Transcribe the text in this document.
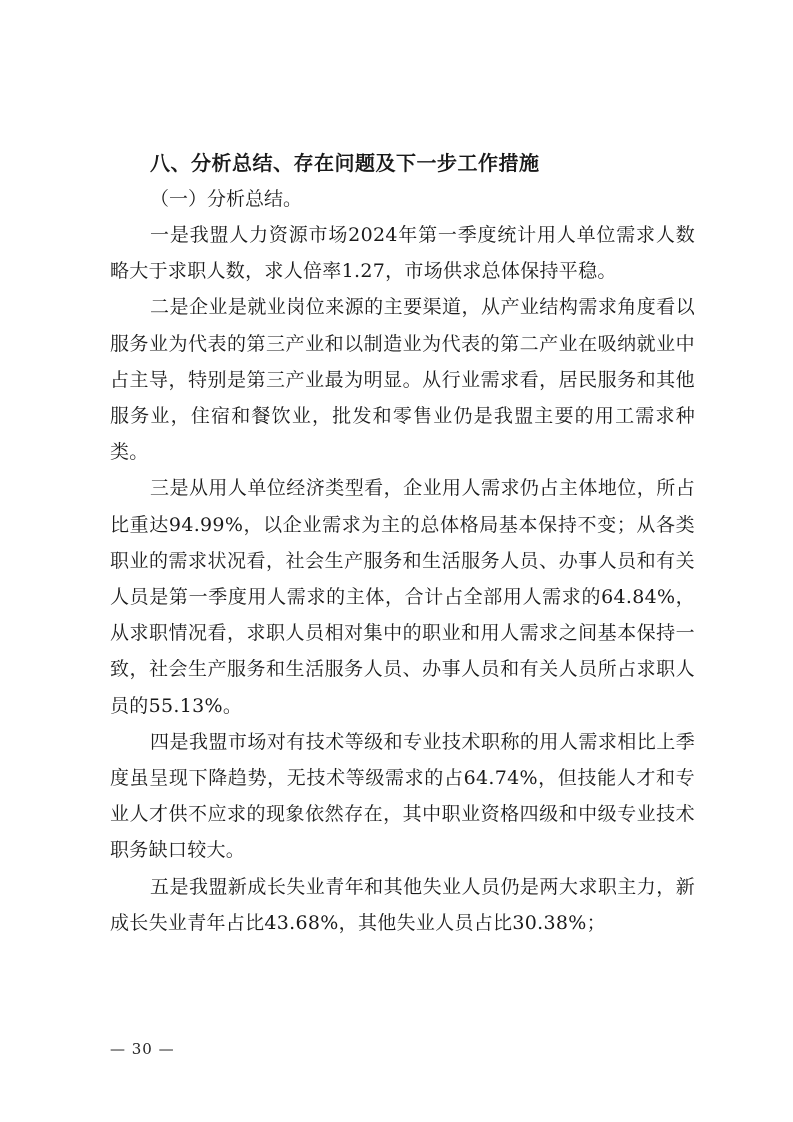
八、分析总结、存在问题及下一步工作措施
（一）分析总结。

一是我盟人力资源市场2024年第一季度统计用人单位需求人数略大于求职人数，求人倍率1.27，市场供求总体保持平稳。

二是企业是就业岗位来源的主要渠道，从产业结构需求角度看以服务业为代表的第三产业和以制造业为代表的第二产业在吸纳就业中占主导，特别是第三产业最为明显。从行业需求看，居民服务和其他服务业，住宿和餐饮业，批发和零售业仍是我盟主要的用工需求种类。

三是从用人单位经济类型看，企业用人需求仍占主体地位，所占比重达94.99%，以企业需求为主的总体格局基本保持不变；从各类职业的需求状况看，社会生产服务和生活服务人员、办事人员和有关人员是第一季度用人需求的主体，合计占全部用人需求的64.84%，从求职情况看，求职人员相对集中的职业和用人需求之间基本保持一致，社会生产服务和生活服务人员、办事人员和有关人员所占求职人员的55.13%。

四是我盟市场对有技术等级和专业技术职称的用人需求相比上季度虽呈现下降趋势，无技术等级需求的占64.74%，但技能人才和专业人才供不应求的现象依然存在，其中职业资格四级和中级专业技术职务缺口较大。

五是我盟新成长失业青年和其他失业人员仍是两大求职主力，新成长失业青年占比43.68%，其他失业人员占比30.38%；

— 30 —
